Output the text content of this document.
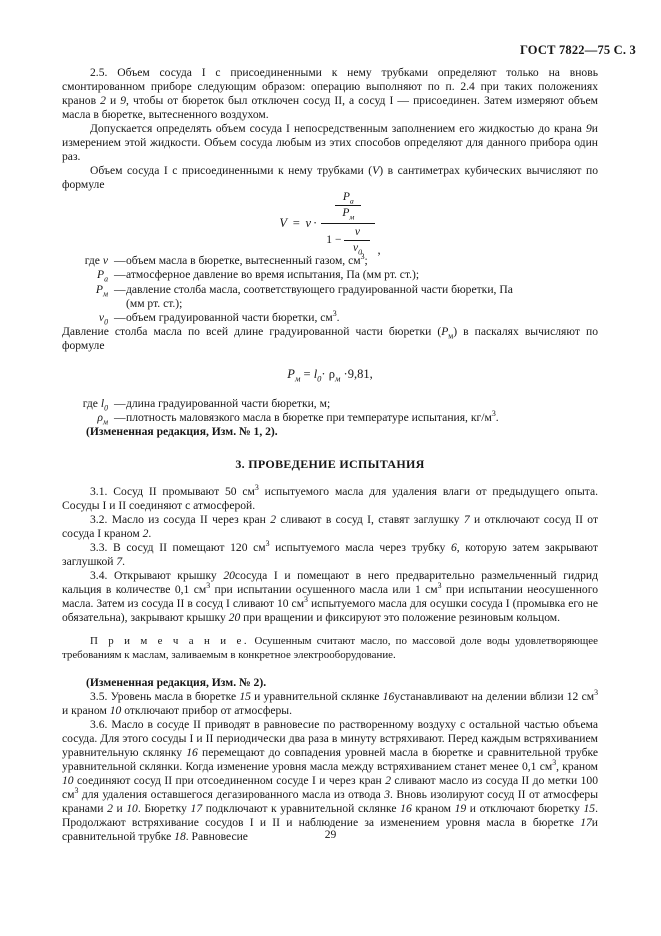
ГОСТ 7822—75 С. 3

2.5. Объем сосуда I с присоединенными к нему трубками определяют только на вновь смонтированном приборе следующим образом: операцию выполняют по п. 2.4 при таких положениях кранов 2 и 9, чтобы от бюреток был отключен сосуд II, а сосуд I — присоединен. Затем измеряют объем масла в бюретке, вытесненного воздухом.

Допускается определять объем сосуда I непосредственным заполнением его жидкостью до крана 9и измерением этой жидкости. Объем сосуда любым из этих способов определяют для данного прибора один раз.

Объем сосуда I с присоединенными к нему трубками (V) в сантиметрах кубических вычисляют по формуле

V = v ·
$\frac{P_а}{P_м}$
$1 - \frac{v}{v_0}$ ,
где v — объем масла в бюретке, вытесненный газом, $см^3$;
$P_а$ — атмосферное давление во время испытания, Па (мм рт. ст.);
$P_м$ — давление столба масла, соответствующего градуированной части бюретки, Па
(мм рт. ст.);
$v_0$ — объем градуированной части бюретки, $см^3$.

Давление столба масла по всей длине градуированной части бюретки $(P_м)$ в паскалях вычисляют по формуле

$P_м = l_0\cdot \rho_м \cdot 9,81$,
где $l_0$ — длина градуированной части бюретки, м;
$\rho_м$ — плотность маловязкого масла в бюретке при температуре испытания, $кг/м^3$.

(Измененная редакция, Изм. № 1, 2).

3. ПРОВЕДЕНИЕ ИСПЫТАНИЯ

3.1. Сосуд II промывают 50 $см^3$ испытуемого масла для удаления влаги от предыдущего опыта. Сосуды I и II соединяют с атмосферой.

3.2. Масло из сосуда II через кран 2 сливают в сосуд I, ставят заглушку 7 и отключают сосуд II от сосуда I краном 2.

3.3. В сосуд II помещают 120 $см^3$ испытуемого масла через трубку 6, которую затем закрывают заглушкой 7.

3.4. Открывают крышку 20сосуда I и помещают в него предварительно размельченный гидрид кальция в количестве 0,1 $см^3$ при испытании осушенного масла или 1 $см^3$ при испытании неосушенного масла. Затем из сосуда II в сосуд I сливают 10 $см^3$ испытуемого масла для осушки сосуда I (промывка его не обязательна), закрывают крышку 20 при вращении и фиксируют это положение резиновым кольцом.

П р и м е ч а н и е. Осушенным считают масло, по массовой доле воды удовлетворяющее требованиям к маслам, заливаемым в конкретное электрооборудование.

(Измененная редакция, Изм. № 2).

3.5. Уровень масла в бюретке 15 и уравнительной склянке 16устанавливают на делении вблизи 12 $см^3$ и краном 10 отключают прибор от атмосферы.

3.6. Масло в сосуде II приводят в равновесие по растворенному воздуху с остальной частью объема сосуда. Для этого сосуды I и II периодически два раза в минуту встряхивают. Перед каждым встряхиванием уравнительную склянку 16 перемещают до совпадения уровней масла в бюретке и сравнительной трубке уравнительной склянки. Когда изменение уровня масла между встряхиванием станет менее 0,1 $см^3$, краном 10 соединяют сосуд II при отсоединенном сосуде I и через кран 2 сливают масло из сосуда II до метки 100 $см^3$ для удаления оставшегося дегазированного масла из отвода 3. Вновь изолируют сосуд II от атмосферы кранами 2 и 10. Бюретку 17 подключают к уравнительной склянке 16 краном 19 и отключают бюретку 15. Продолжают встряхивание сосудов I и II и наблюдение за изменением уровня масла в бюретке 17и сравнительной трубке 18. Равновесие	29
